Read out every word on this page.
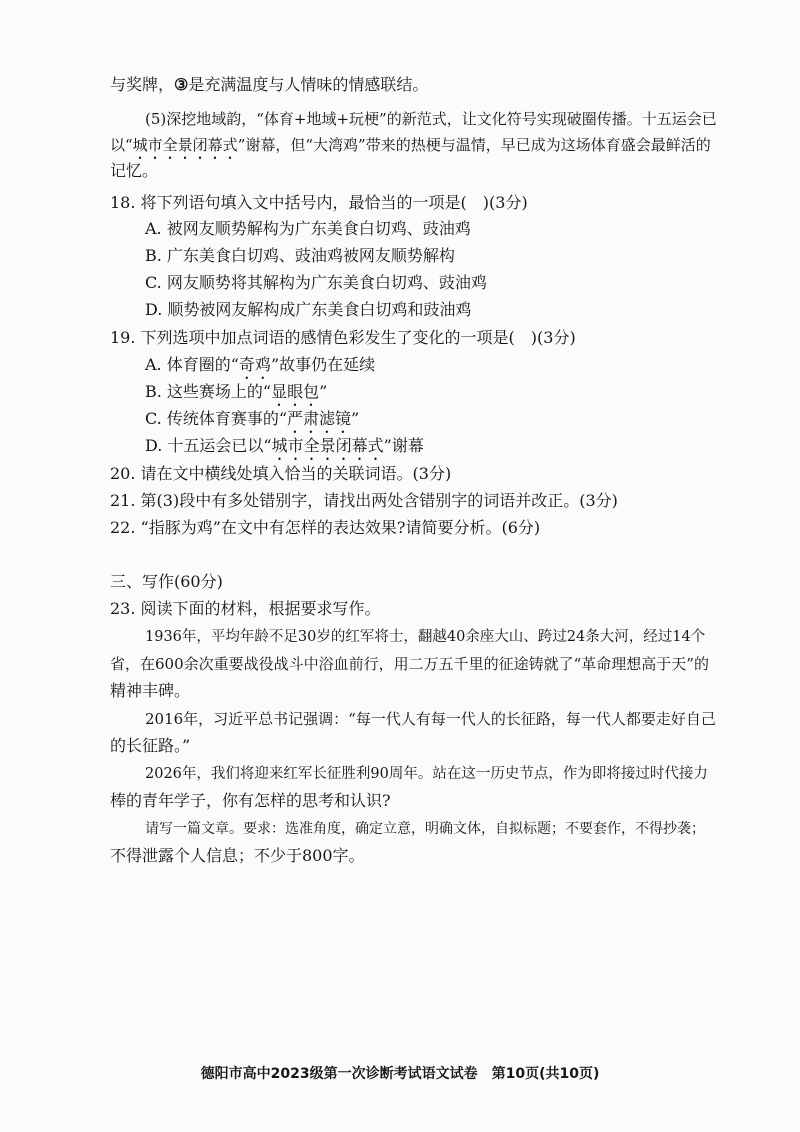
与奖牌，③是充满温度与人情味的情感联结。
(5)深挖地域韵，“体育+地域+玩梗”的新范式，让文化符号实现破圈传播。十五运会已
以“城市全景闭幕式”谢幕，但“大湾鸡”带来的热梗与温情，早已成为这场体育盛会最鲜活的
记忆。
18. 将下列语句填入文中括号内，最恰当的一项是(　)(3分)
A. 被网友顺势解构为广东美食白切鸡、豉油鸡
B. 广东美食白切鸡、豉油鸡被网友顺势解构
C. 网友顺势将其解构为广东美食白切鸡、豉油鸡
D. 顺势被网友解构成广东美食白切鸡和豉油鸡
19. 下列选项中加点词语的感情色彩发生了变化的一项是(　)(3分)
A. 体育圈的“奇鸡”故事仍在延续
B. 这些赛场上的“显眼包”
C. 传统体育赛事的“严肃滤镜”
D. 十五运会已以“城市全景闭幕式”谢幕
20. 请在文中横线处填入恰当的关联词语。(3分)
21. 第(3)段中有多处错别字，请找出两处含错别字的词语并改正。(3分)
22. “指豚为鸡”在文中有怎样的表达效果?请简要分析。(6分)
三、写作(60分)
23. 阅读下面的材料，根据要求写作。
1936年，平均年龄不足30岁的红军将士，翻越40余座大山、跨过24条大河，经过14个
省，在600余次重要战役战斗中浴血前行，用二万五千里的征途铸就了“革命理想高于天”的
精神丰碑。
2016年，习近平总书记强调：“每一代人有每一代人的长征路，每一代人都要走好自己
的长征路。”
2026年，我们将迎来红军长征胜利90周年。站在这一历史节点，作为即将接过时代接力
棒的青年学子，你有怎样的思考和认识?
请写一篇文章。要求：选准角度，确定立意，明确文体，自拟标题；不要套作，不得抄袭；
不得泄露个人信息；不少于800字。
德阳市高中2023级第一次诊断考试语文试卷　第10页(共10页)
